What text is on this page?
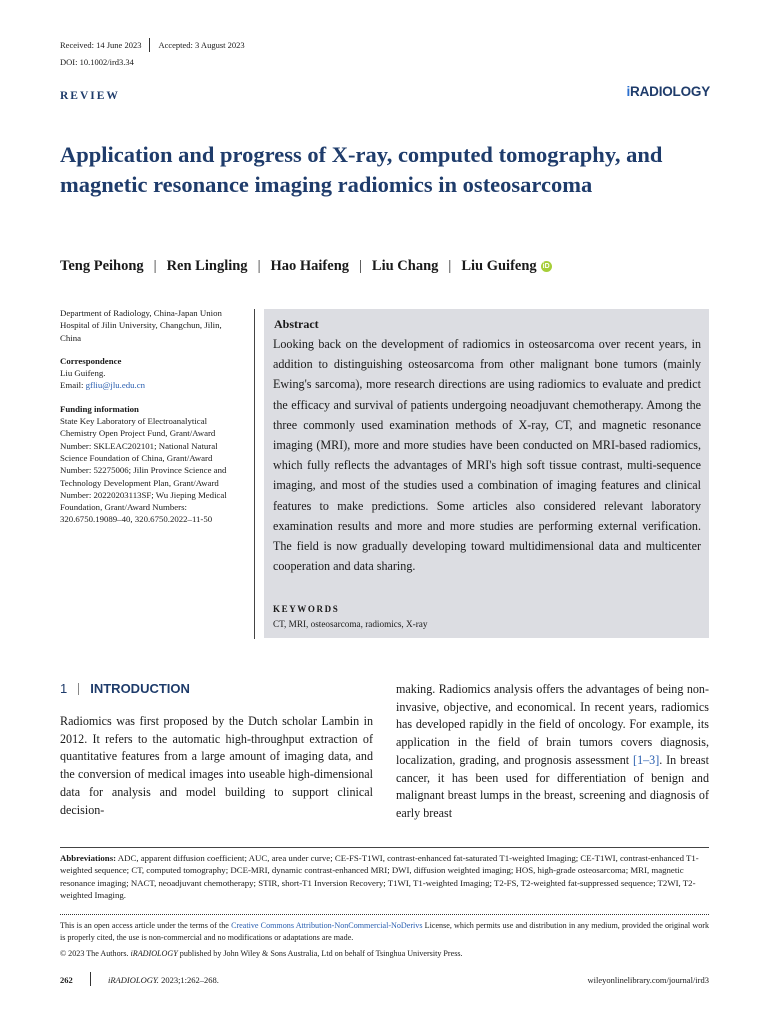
Received: 14 June 2023 Accepted: 3 August 2023
DOI: 10.1002/ird3.34
REVIEW	iRADIOLOGY
Application and progress of X-ray, computed tomography, and magnetic resonance imaging radiomics in osteosarcoma
Teng Peihong | Ren Lingling | Hao Haifeng | Liu Chang | Liu Guifeng iD
Department of Radiology, China-Japan Union Hospital of Jilin University, Changchun, Jilin, China
Correspondence
Liu Guifeng.
Email: gfliu@jlu.edu.cn
Funding information
State Key Laboratory of Electroanalytical Chemistry Open Project Fund, Grant/Award Number: SKLEAC202101; National Natural Science Foundation of China, Grant/Award Number: 52275006; Jilin Province Science and Technology Development Plan, Grant/Award Number: 20220203113SF; Wu Jieping Medical Foundation, Grant/Award Numbers: 320.6750.19089–40, 320.6750.2022–11-50
Abstract
Looking back on the development of radiomics in osteosarcoma over recent years, in addition to distinguishing osteosarcoma from other malignant bone tumors (mainly Ewing's sarcoma), more research directions are using radiomics to evaluate and predict the efficacy and survival of patients undergoing neoadjuvant chemotherapy. Among the three commonly used examination methods of X-ray, CT, and magnetic resonance imaging (MRI), more and more studies have been conducted on MRI-based radiomics, which fully reflects the advantages of MRI's high soft tissue contrast, multi-sequence imaging, and most of the studies used a combination of imaging features and clinical features to make predictions. Some articles also considered relevant laboratory examination results and more and more studies are performing external verification. The field is now gradually developing toward multidimensional data and multicenter cooperation and data sharing.
KEYWORDS
CT, MRI, osteosarcoma, radiomics, X-ray
1 INTRODUCTION
Radiomics was first proposed by the Dutch scholar Lambin in 2012. It refers to the automatic high-throughput extraction of quantitative features from a large amount of imaging data, and the conversion of medical images into useable high-dimensional data for analysis and model building to support clinical decision-
making. Radiomics analysis offers the advantages of being non-invasive, objective, and economical. In recent years, radiomics has developed rapidly in the field of oncology. For example, its application in the field of brain tumors covers diagnosis, localization, grading, and prognosis assessment [1–3]. In breast cancer, it has been used for differentiation of benign and malignant breast lumps in the breast, screening and diagnosis of early breast
Abbreviations: ADC, apparent diffusion coefficient; AUC, area under curve; CE-FS-T1WI, contrast-enhanced fat-saturated T1-weighted Imaging; CE-T1WI, contrast-enhanced T1-weighted sequence; CT, computed tomography; DCE-MRI, dynamic contrast-enhanced MRI; DWI, diffusion weighted imaging; HOS, high-grade osteosarcoma; MRI, magnetic resonance imaging; NACT, neoadjuvant chemotherapy; STIR, short-T1 Inversion Recovery; T1WI, T1-weighted Imaging; T2-FS, T2-weighted fat-suppressed sequence; T2WI, T2-weighted Imaging.
This is an open access article under the terms of the Creative Commons Attribution-NonCommercial-NoDerivs License, which permits use and distribution in any medium, provided the original work is properly cited, the use is non-commercial and no modifications or adaptations are made.
© 2023 The Authors. iRADIOLOGY published by John Wiley & Sons Australia, Ltd on behalf of Tsinghua University Press.
262	iRADIOLOGY. 2023;1:262–268.	wileyonlinelibrary.com/journal/ird3
